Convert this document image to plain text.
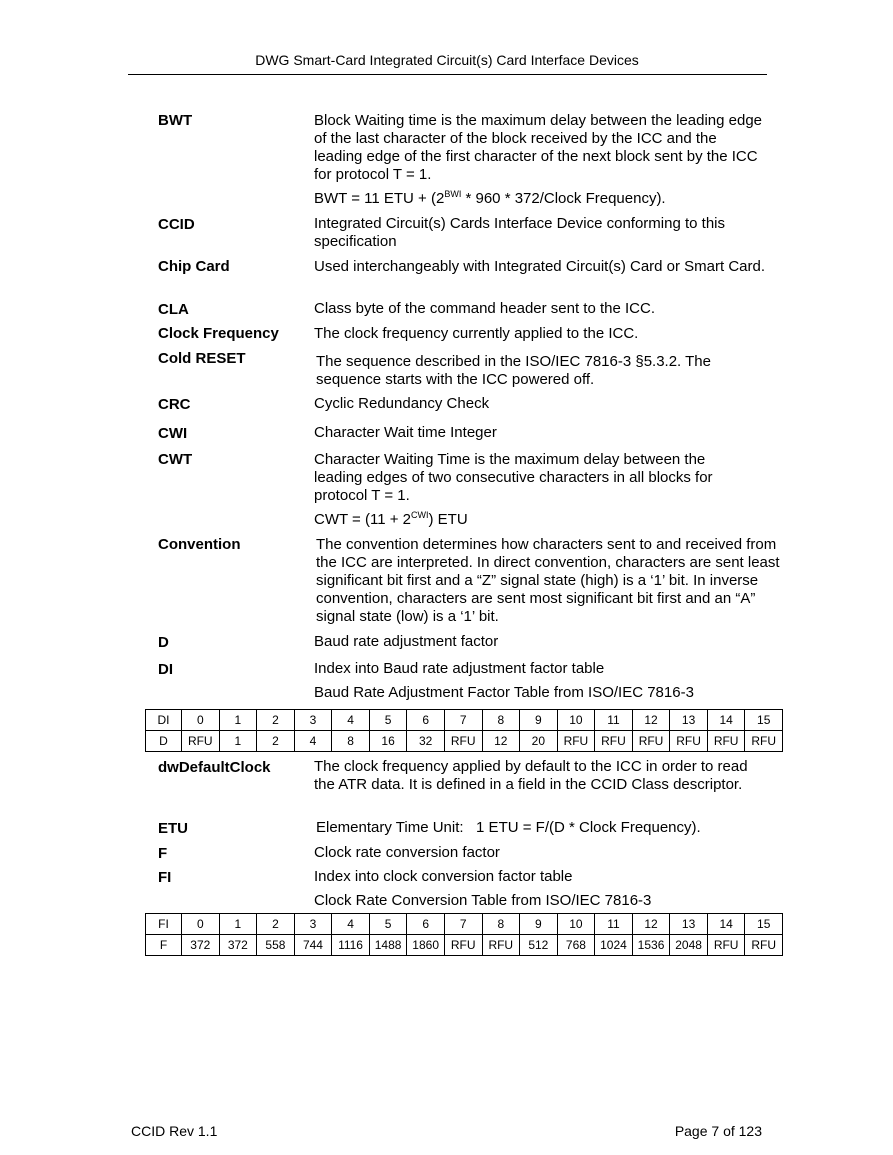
DWG Smart-Card Integrated Circuit(s) Card Interface Devices
BWT	Block Waiting time is the maximum delay between the leading edge of the last character of the block received by the ICC and the leading edge of the first character of the next block sent by the ICC for protocol T = 1.
BWT = 11 ETU + ($2^{BWI} * 960$ * 372/Clock Frequency).
CCID	Integrated Circuit(s) Cards Interface Device conforming to this specification
Chip Card	Used interchangeably with Integrated Circuit(s) Card or Smart Card.
CLA	Class byte of the command header sent to the ICC.
Clock Frequency The clock frequency currently applied to the ICC.
Cold RESET	The sequence described in the ISO/IEC 7816-3 §5.3.2. The sequence starts with the ICC powered off.
CRC	Cyclic Redundancy Check
CWI	Character Wait time Integer
CWT	Character Waiting Time is the maximum delay between the leading edges of two consecutive characters in all blocks for protocol T = 1.
CWT = $(11 + 2^{CWI})$ ETU
Convention	The convention determines how characters sent to and received from the ICC are interpreted. In direct convention, characters are sent least significant bit first and a “Z” signal state (high) is a ‘1’ bit. In inverse convention, characters are sent most significant bit first and an “A” signal state (low) is a ‘1’ bit.
D	Baud rate adjustment factor
DI	Index into Baud rate adjustment factor table
Baud Rate Adjustment Factor Table from ISO/IEC 7816-3
DI	0	1	2	3	4	5	6	7	8	9	10	11	12	13	14	15
D	RFU	1	2	4	8	16	32	RFU	12	20	RFU	RFU	RFU	RFU	RFU	RFU
dwDefaultClock	The clock frequency applied by default to the ICC in order to read the ATR data. It is defined in a field in the CCID Class descriptor.
ETU	Elementary Time Unit:   1 ETU = F/(D * Clock Frequency).
F	Clock rate conversion factor
FI	Index into clock conversion factor table
Clock Rate Conversion Table from ISO/IEC 7816-3
FI	0	1	2	3	4	5	6	7	8	9	10	11	12	13	14	15
F	372	372	558	744	1116	1488	1860	RFU	RFU	512	768	1024	1536	2048	RFU	RFU
CCID Rev 1.1	Page 7 of 123
